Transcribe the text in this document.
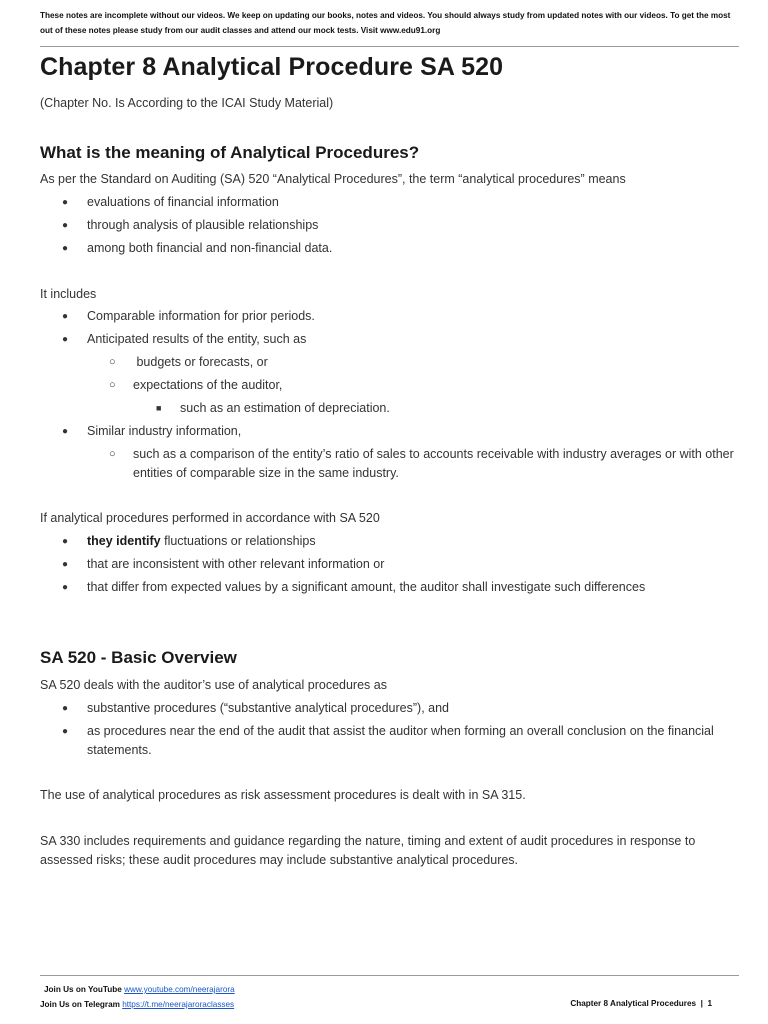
These notes are incomplete without our videos. We keep on updating our books, notes and videos. You should always study from updated notes with our videos. To get the most out of these notes please study from our audit classes and attend our mock tests. Visit www.edu91.org
Chapter 8 Analytical Procedure SA 520
(Chapter No. Is According to the ICAI Study Material)
What is the meaning of Analytical Procedures?
As per the Standard on Auditing (SA) 520 “Analytical Procedures”, the term “analytical procedures” means
●	evaluations of financial information
●	through analysis of plausible relationships
●	among both financial and non-financial data.
It includes
●	Comparable information for prior periods.
●	Anticipated results of the entity, such as
○	budgets or forecasts, or
○	expectations of the auditor,
■	such as an estimation of depreciation.
●	Similar industry information,
○	such as a comparison of the entity’s ratio of sales to accounts receivable with industry averages or with other entities of comparable size in the same industry.
If analytical procedures performed in accordance with SA 520
●	they identify fluctuations or relationships
●	that are inconsistent with other relevant information or
●	that differ from expected values by a significant amount, the auditor shall investigate such differences
SA 520 - Basic Overview
SA 520 deals with the auditor’s use of analytical procedures as
●	substantive procedures (“substantive analytical procedures”), and
●	as procedures near the end of the audit that assist the auditor when forming an overall conclusion on the financial statements.
The use of analytical procedures as risk assessment procedures is dealt with in SA 315.
SA 330 includes requirements and guidance regarding the nature, timing and extent of audit procedures in response to assessed risks; these audit procedures may include substantive analytical procedures.
Join Us on YouTube www.youtube.com/neerajarora
Join Us on Telegram https://t.me/neerajaroraclasses	Chapter 8 Analytical Procedures  |  1
